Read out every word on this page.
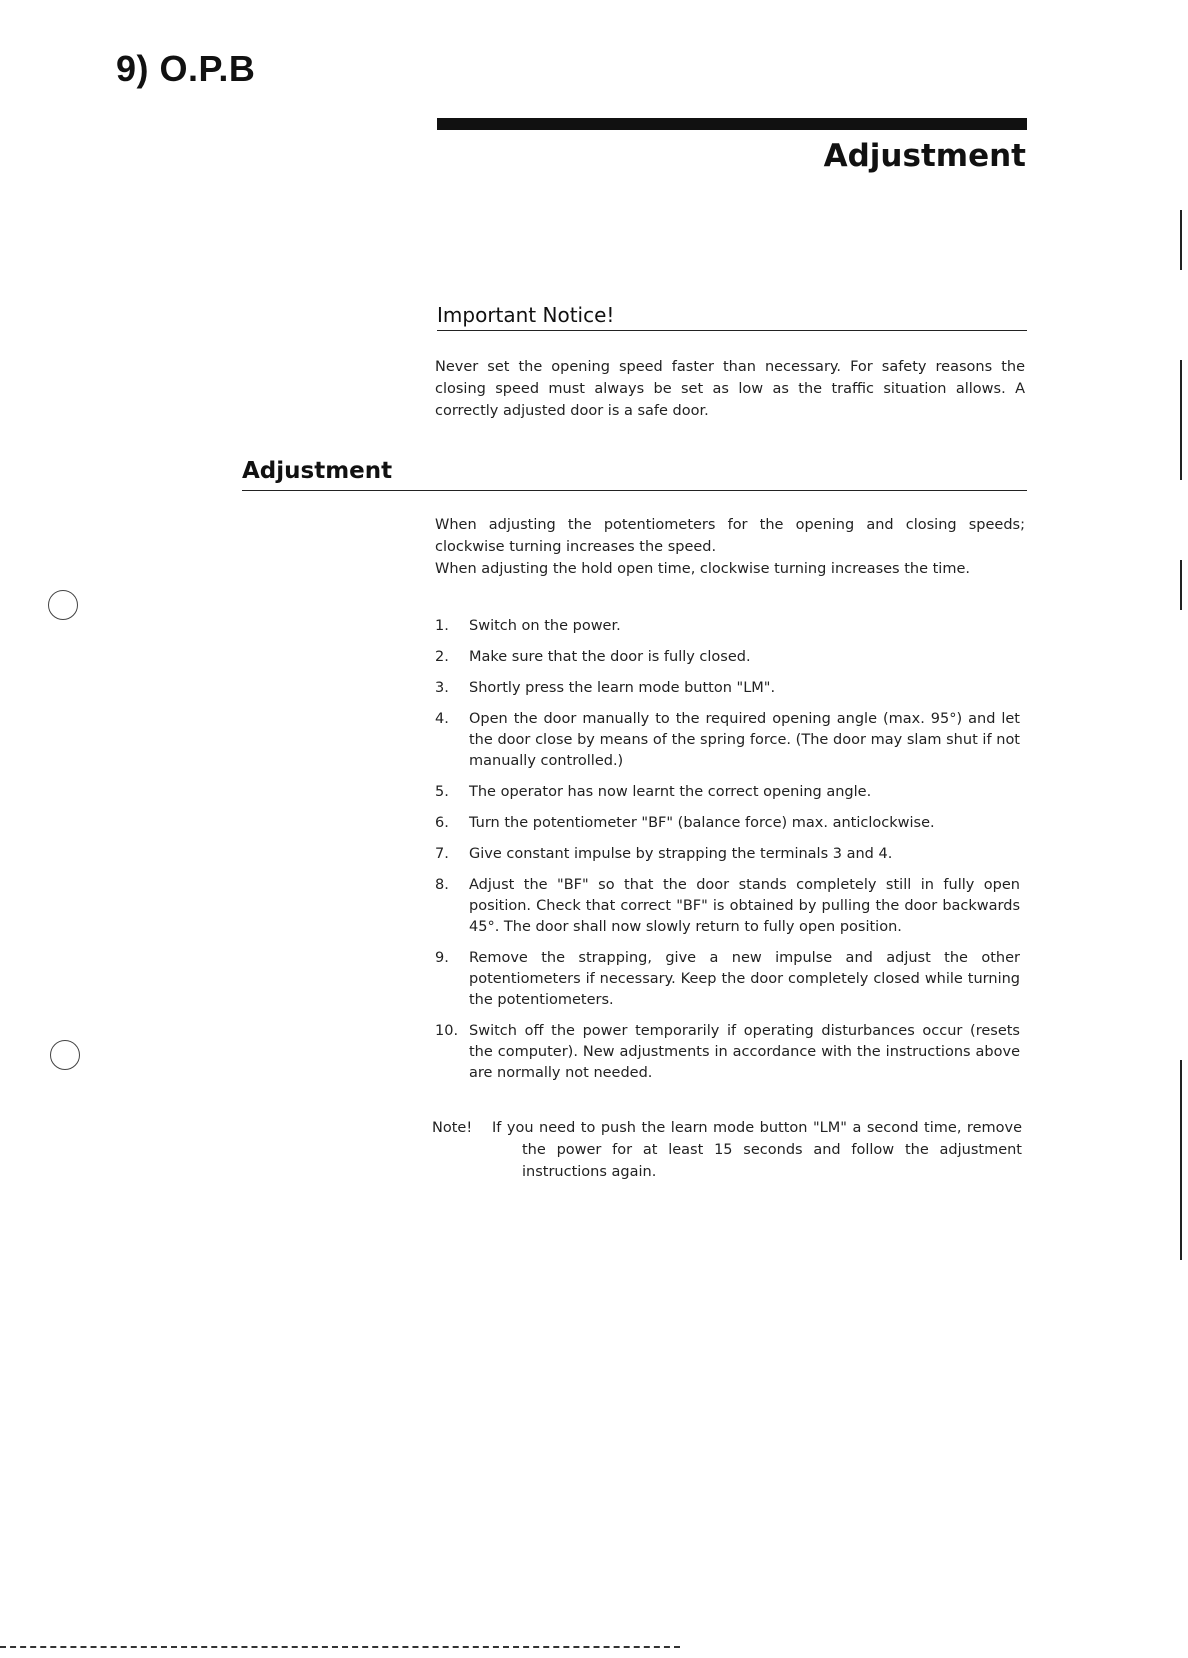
9) O.P.B
Adjustment
Important Notice!
Never set the opening speed faster than necessary. For safety reasons the closing speed must always be set as low as the traffic situation allows. A correctly adjusted door is a safe door.
Adjustment

When adjusting the potentiometers for the opening and closing speeds; clockwise turning increases the speed.

When adjusting the hold open time, clockwise turning increases the time.

1.	Switch on the power.
2.	Make sure that the door is fully closed.
3.	Shortly press the learn mode button "LM".
4.	Open the door manually to the required opening angle (max. 95°) and let the door close by means of the spring force. (The door may slam shut if not manually controlled.)
5.	The operator has now learnt the correct opening angle.
6.	Turn the potentiometer "BF" (balance force) max. anticlockwise.
7.	Give constant impulse by strapping the terminals 3 and 4.
8.	Adjust the "BF" so that the door stands completely still in fully open position. Check that correct "BF" is obtained by pulling the door backwards 45°. The door shall now slowly return to fully open position.
9.	Remove the strapping, give a new impulse and adjust the other potentiometers if necessary. Keep the door completely closed while turning the potentiometers.
10. Switch off the power temporarily if operating disturbances occur (resets the computer). New adjustments in accordance with the instructions above are normally not needed.
Note! If you need to push the learn mode button "LM" a second time, remove the power for at least 15 seconds and follow the adjustment instructions again.
